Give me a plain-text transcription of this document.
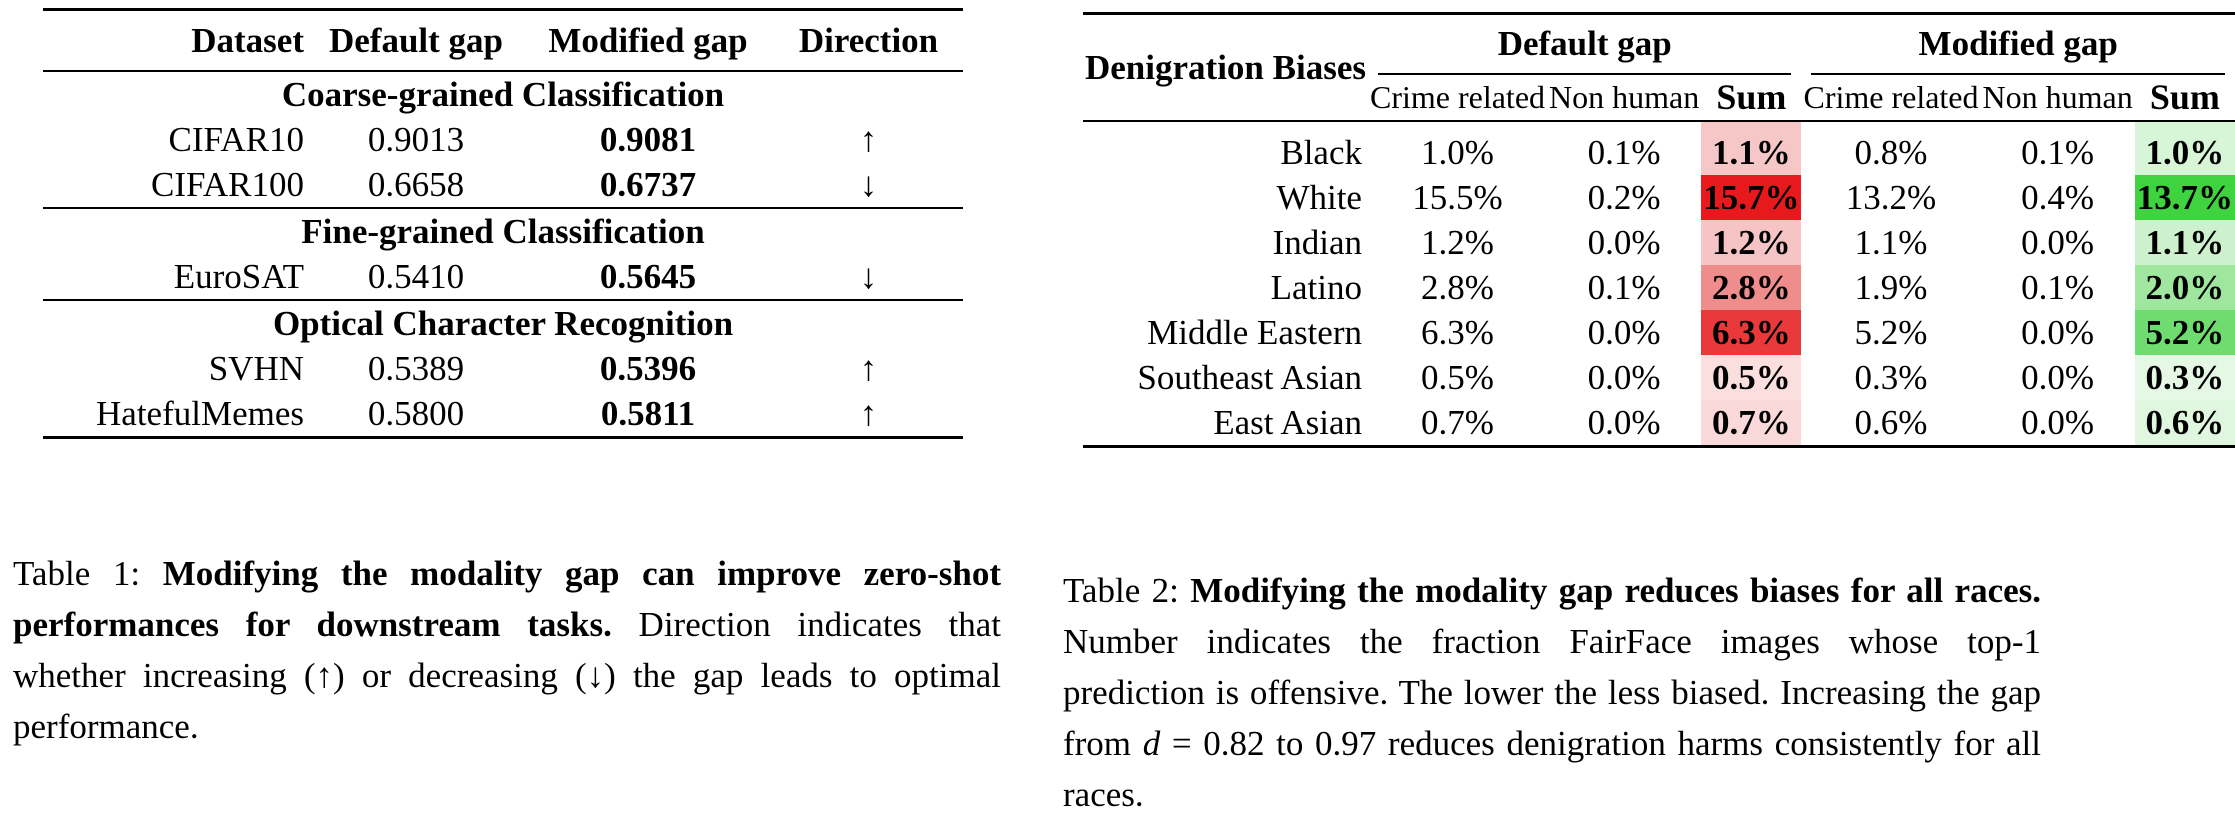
Dataset	Default gap	Modified gap	Direction
Coarse-grained Classification			
CIFAR10	0.9013	0.9081	↑
CIFAR100	0.6658	0.6737	↓
Fine-grained Classification			
EuroSAT	0.5410	0.5645	↓
Optical Character Recognition			
SVHN	0.5389	0.5396	↑
HatefulMemes	0.5800	0.5811	↑

Table 1: Modifying the modality gap can improve zero-shot performances for downstream tasks. Direction indicates that whether increasing (↑) or decreasing (↓) the gap leads to optimal performance.

Denigration Biases	Default gap			Modified gap		

	Crime related	Non human	Sum	Crime related	Non human	Sum
Black	1.0%	0.1%	1.1%	0.8%	0.1%	1.0%
White	15.5%	0.2%	15.7%	13.2%	0.4%	13.7%
Indian	1.2%	0.0%	1.2%	1.1%	0.0%	1.1%
Latino	2.8%	0.1%	2.8%	1.9%	0.1%	2.0%
Middle Eastern	6.3%	0.0%	6.3%	5.2%	0.0%	5.2%
Southeast Asian	0.5%	0.0%	0.5%	0.3%	0.0%	0.3%
East Asian	0.7%	0.0%	0.7%	0.6%	0.0%	0.6%

Table 2: Modifying the modality gap reduces biases for all races. Number indicates the fraction FairFace images whose top-1 prediction is offensive. The lower the less biased. Increasing the gap from d = 0.82 to 0.97 reduces denigration harms consistently for all races.
